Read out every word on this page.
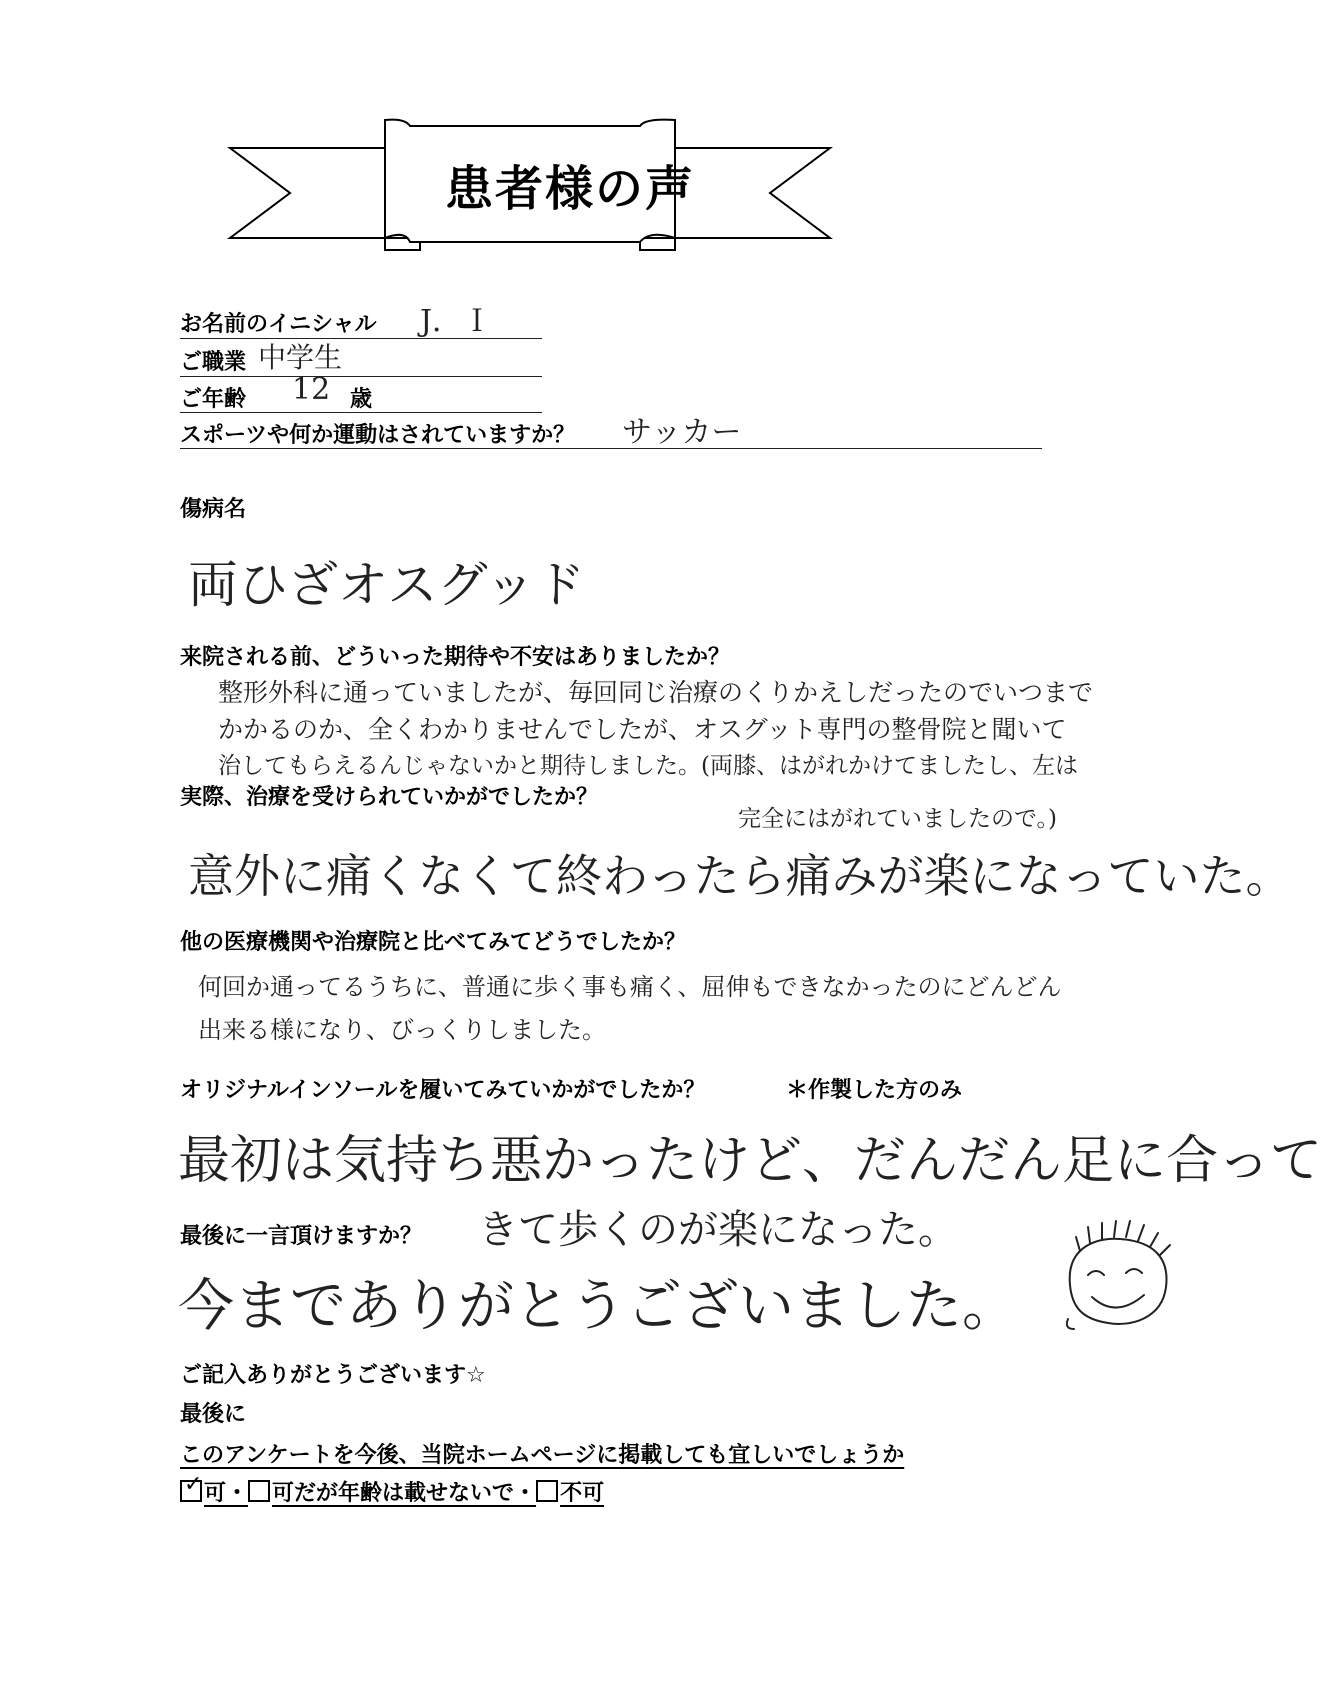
患者様の声
お名前のイニシャル J．Ｉ
ご職業 中学生
ご年齢 12 歳
スポーツや何か運動はされていますか？ サッカー
傷病名
両ひざオスグッド
来院される前、どういった期待や不安はありましたか？
整形外科に通っていましたが、毎回同じ治療のくりかえしだったのでいつまで
かかるのか、全くわかりませんでしたが、オスグット専門の整骨院と聞いて
治してもらえるんじゃないかと期待しました。(両膝、はがれかけてましたし、左は
完全にはがれていましたので。)
実際、治療を受けられていかがでしたか？
意外に痛くなくて終わったら痛みが楽になっていた。
他の医療機関や治療院と比べてみてどうでしたか？
何回か通ってるうちに、普通に歩く事も痛く、屈伸もできなかったのにどんどん
出来る様になり、びっくりしました。
オリジナルインソールを履いてみていかがでしたか？	＊作製した方のみ
最初は気持ち悪かったけど、だんだん足に合って
きて歩くのが楽になった。
最後に一言頂けますか？
今までありがとうございました。
ご記入ありがとうございます☆
最後に
このアンケートを今後、当院ホームページに掲載しても宜しいでしょうか
✓ 可・ 可だが年齢は載せないで・ 不可
